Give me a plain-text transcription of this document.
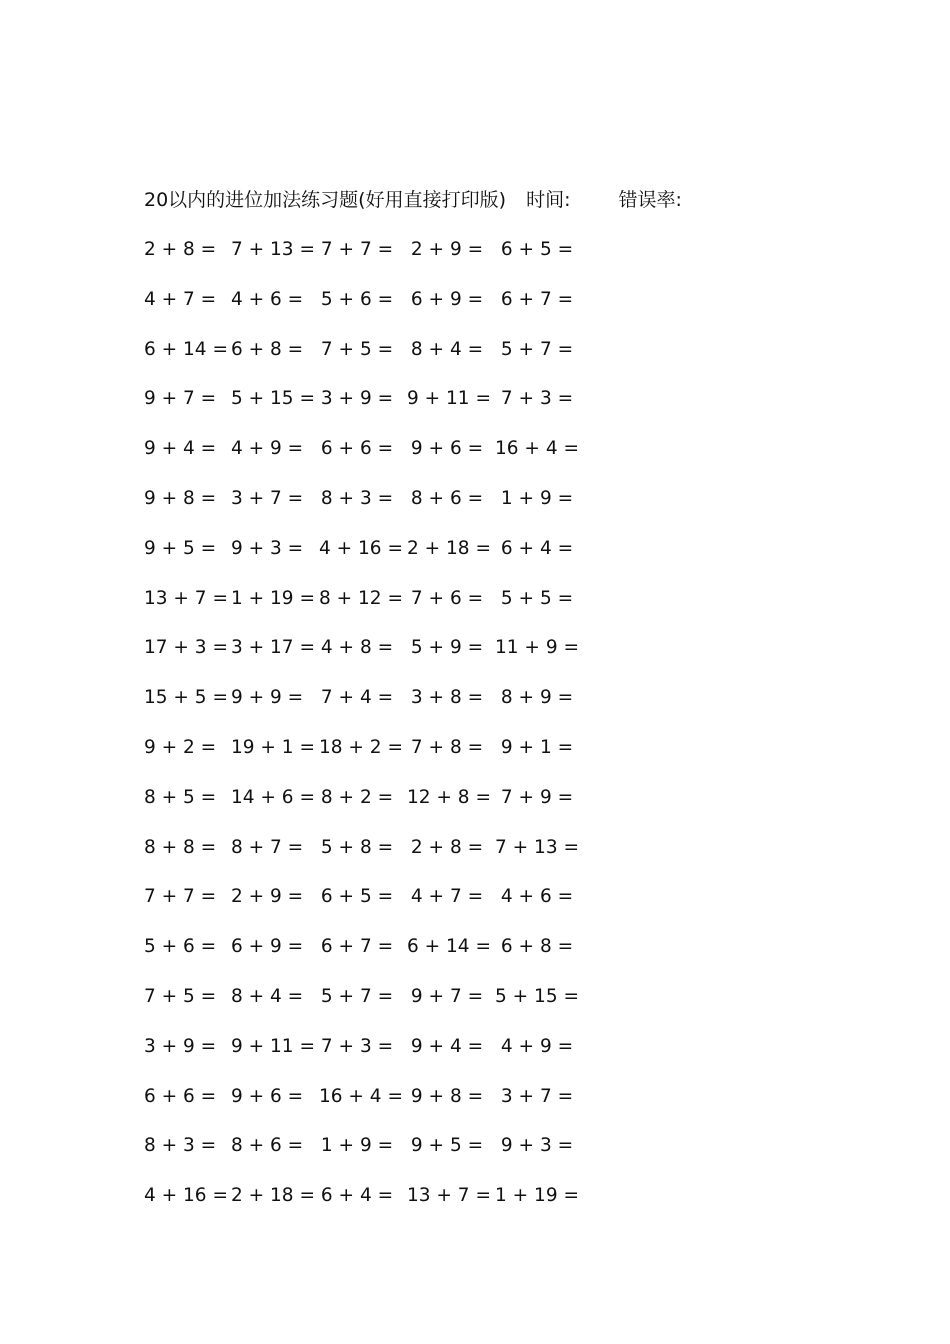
20以内的进位加法练习题(好用直接打印版) 时间:	错误率:
2 + 8 = 7 + 13 = 7 + 7 = 2 + 9 = 6 + 5 =
4 + 7 = 4 + 6 = 5 + 6 = 6 + 9 = 6 + 7 =
6 + 14 = 6 + 8 = 7 + 5 = 8 + 4 = 5 + 7 =
9 + 7 = 5 + 15 = 3 + 9 = 9 + 11 = 7 + 3 =
9 + 4 = 4 + 9 = 6 + 6 = 9 + 6 = 16 + 4 =
9 + 8 = 3 + 7 = 8 + 3 = 8 + 6 = 1 + 9 =
9 + 5 = 9 + 3 = 4 + 16 = 2 + 18 = 6 + 4 =
13 + 7 = 1 + 19 = 8 + 12 = 7 + 6 = 5 + 5 =
17 + 3 = 3 + 17 = 4 + 8 = 5 + 9 = 11 + 9 =
15 + 5 = 9 + 9 = 7 + 4 = 3 + 8 = 8 + 9 =
9 + 2 = 19 + 1 = 18 + 2 = 7 + 8 = 9 + 1 =
8 + 5 = 14 + 6 = 8 + 2 = 12 + 8 = 7 + 9 =
8 + 8 = 8 + 7 = 5 + 8 = 2 + 8 = 7 + 13 =
7 + 7 = 2 + 9 = 6 + 5 = 4 + 7 = 4 + 6 =
5 + 6 = 6 + 9 = 6 + 7 = 6 + 14 = 6 + 8 =
7 + 5 = 8 + 4 = 5 + 7 = 9 + 7 = 5 + 15 =
3 + 9 = 9 + 11 = 7 + 3 = 9 + 4 = 4 + 9 =
6 + 6 = 9 + 6 = 16 + 4 = 9 + 8 = 3 + 7 =
8 + 3 = 8 + 6 = 1 + 9 = 9 + 5 = 9 + 3 =
4 + 16 = 2 + 18 = 6 + 4 = 13 + 7 = 1 + 19 =
